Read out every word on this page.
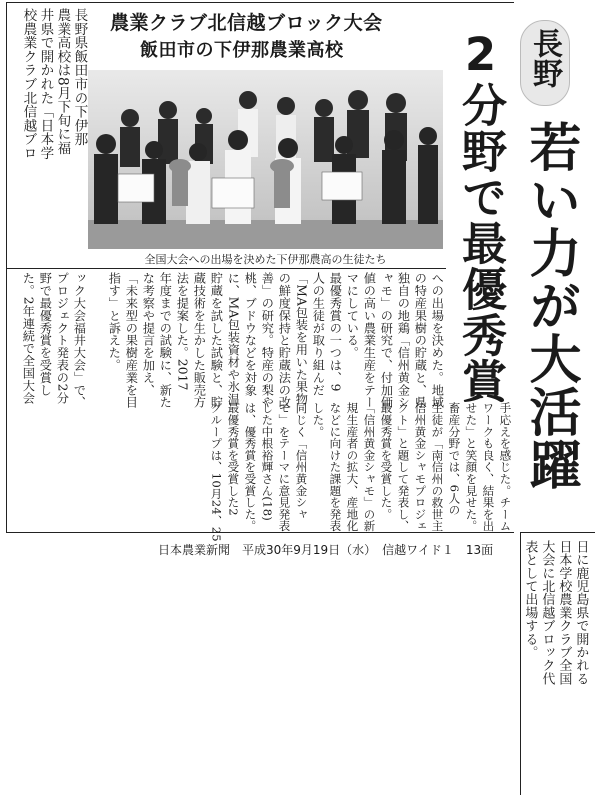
農業クラブ北信越ブロック大会
飯田市の下伊那農業高校
全国大会への出場を決めた下伊那農高の生徒たち
長野
若い力が大活躍
2分野で最優秀賞
長野県飯田市の下伊那
農業高校は8月下旬に福
井県で開かれた「日本学
校農業クラブ北信越ブロ
ック大会福井大会」で、
プロジェクト発表の2分
野で最優秀賞を受賞し
た。2年連続で全国大会	への出場を決めた。地域
の特産果樹の貯蔵と、県
独自の地鶏「信州黄金シ
ャモ」の研究で、付加価
値の高い農業生産をテー
マにしている。
最優秀賞の一つは、9
人の生徒が取り組んだ
「MA包装を用いた果物
の鮮度保持と貯蔵法の改
善」の研究。特産の梨や
桃、ブドウなどを対象
に、MA包装資材や氷温
貯蔵を試した試験と、貯
蔵技術を生かした販売方
法を提案した。2017
年度までの試験に、新た
な考察や提言を加え、
「未来型の果樹産業を目
指す」と訴えた。
手応えを感じた。チーム
ワークも良く、結果を出
せた」と笑顔を見せた。
畜産分野では、6人の
生徒が「南信州の救世主
信州黄金シャモプロジェ
クト」と題して発表し、
最優秀賞を受賞した。
「信州黄金シャモ」の新
規生産者の拡大、産地化
などに向けた課題を発表
した。
同じく「信州黄金シャ
モ」をテーマに意見発表
した中根裕輝さん(18)
は、優秀賞を受賞した。
最優秀賞を受賞した2
グループは、10月24、25
日本農業新聞　平成30年9月19日（水）　信越ワイド１　13面	日に鹿児島県で開かれる
日本学校農業クラブ全国
大会に北信越ブロック代
表として出場する。
